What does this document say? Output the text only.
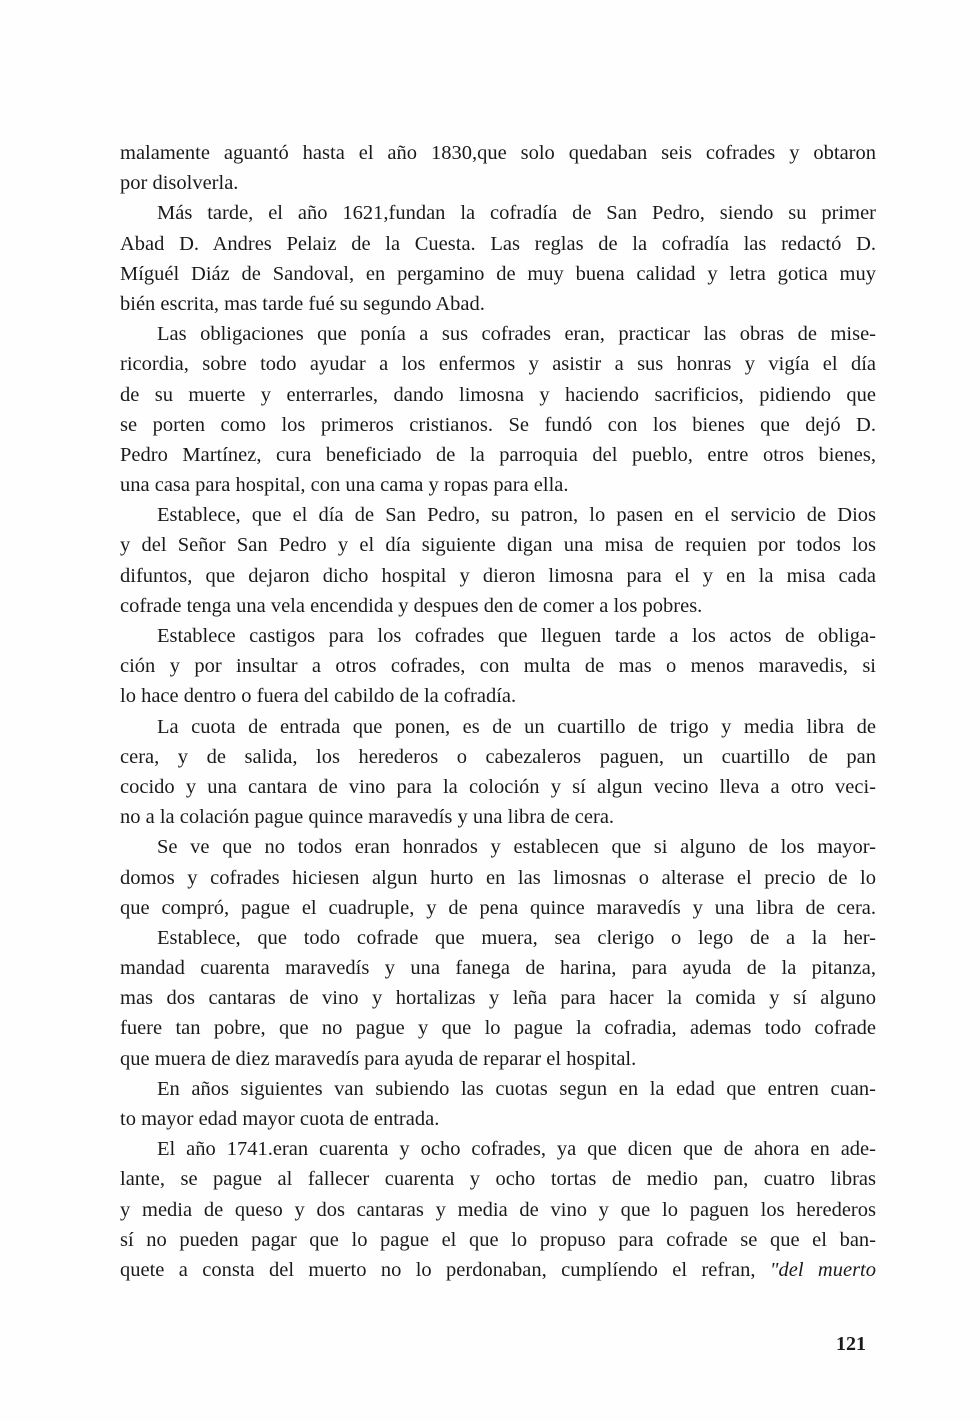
malamente aguantó hasta el año 1830,que solo quedaban seis cofrades y obtaron
por disolverla.
Más tarde, el año 1621,fundan la cofradía de San Pedro, siendo su primer
Abad D. Andres Pelaiz de la Cuesta. Las reglas de la cofradía las redactó D.
Míguél Diáz de Sandoval, en pergamino de muy buena calidad y letra gotica muy
bién escrita, mas tarde fué su segundo Abad.
Las obligaciones que ponía a sus cofrades eran, practicar las obras de mise-
ricordia, sobre todo ayudar a los enfermos y asistir a sus honras y vigía el día
de su muerte y enterrarles, dando limosna y haciendo sacrificios, pidiendo que
se porten como los primeros cristianos. Se fundó con los bienes que dejó D.
Pedro Martínez, cura beneficiado de la parroquia del pueblo, entre otros bienes,
una casa para hospital, con una cama y ropas para ella.
Establece, que el día de San Pedro, su patron, lo pasen en el servicio de Dios
y del Señor San Pedro y el día siguiente digan una misa de requien por todos los
difuntos, que dejaron dicho hospital y dieron limosna para el y en la misa cada
cofrade tenga una vela encendida y despues den de comer a los pobres.
Establece castigos para los cofrades que lleguen tarde a los actos de obliga-
ción y por insultar a otros cofrades, con multa de mas o menos maravedis, si
lo hace dentro o fuera del cabildo de la cofradía.
La cuota de entrada que ponen, es de un cuartillo de trigo y media libra de
cera, y de salida, los herederos o cabezaleros paguen, un cuartillo de pan
cocido y una cantara de vino para la coloción y sí algun vecino lleva a otro veci-
no a la colación pague quince maravedís y una libra de cera.
Se ve que no todos eran honrados y establecen que si alguno de los mayor-
domos y cofrades hiciesen algun hurto en las limosnas o alterase el precio de lo
que compró, pague el cuadruple, y de pena quince maravedís y una libra de cera.
Establece, que todo cofrade que muera, sea clerigo o lego de a la her-
mandad cuarenta maravedís y una fanega de harina, para ayuda de la pitanza,
mas dos cantaras de vino y hortalizas y leña para hacer la comida y sí alguno
fuere tan pobre, que no pague y que lo pague la cofradia, ademas todo cofrade
que muera de diez maravedís para ayuda de reparar el hospital.
En años siguientes van subiendo las cuotas segun en la edad que entren cuan-
to mayor edad mayor cuota de entrada.
El año 1741.eran cuarenta y ocho cofrades, ya que dicen que de ahora en ade-
lante, se pague al fallecer cuarenta y ocho tortas de medio pan, cuatro libras
y media de queso y dos cantaras y media de vino y que lo paguen los herederos
sí no pueden pagar que lo pague el que lo propuso para cofrade se que el ban-
quete a consta del muerto no lo perdonaban, cumplíendo el refran, "del muerto
121
